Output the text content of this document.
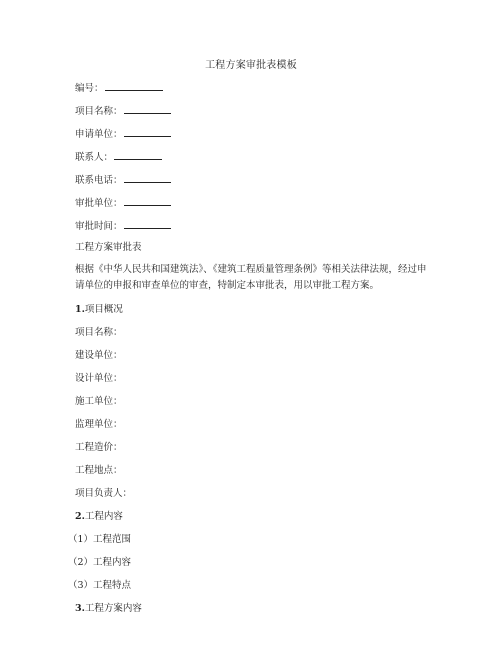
工程方案审批表模板
编号：
项目名称：
申请单位：
联系人：
联系电话：
审批单位：
审批时间：
工程方案审批表
根据《中华人民共和国建筑法》、《建筑工程质量管理条例》等相关法律法规，经过申请单位的申报和审查单位的审查，特制定本审批表，用以审批工程方案。
1.项目概况
项目名称：
建设单位：
设计单位：
施工单位：
监理单位：
工程造价：
工程地点：
项目负责人：
2.工程内容
（1）工程范围
（2）工程内容
（3）工程特点
3.工程方案内容
